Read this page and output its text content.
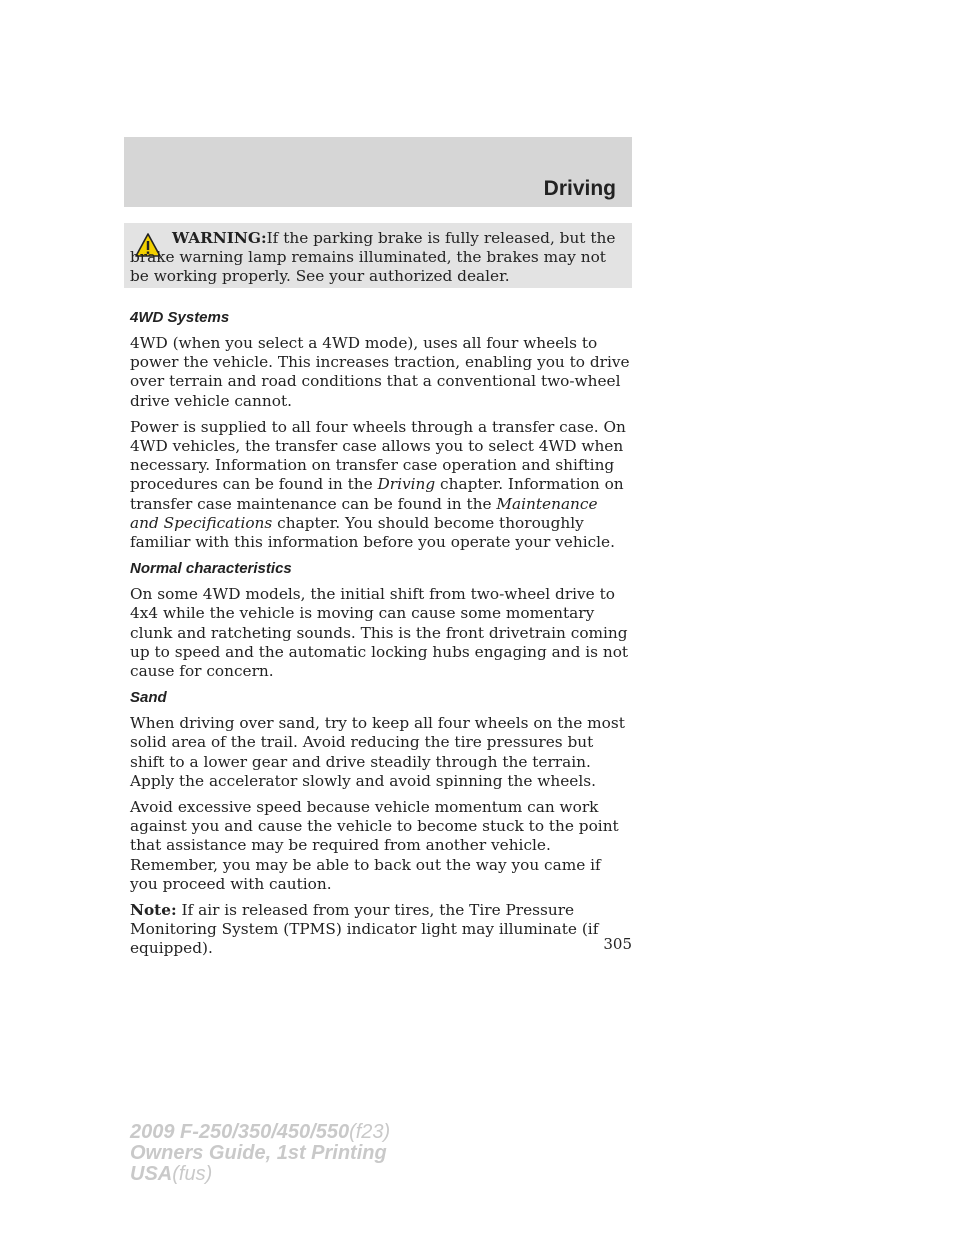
Driving

WARNING:If the parking brake is fully released, but the brake warning lamp remains illuminated, the brakes may not be working properly. See your authorized dealer.

4WD Systems

4WD (when you select a 4WD mode), uses all four wheels to power the vehicle. This increases traction, enabling you to drive over terrain and road conditions that a conventional two-wheel drive vehicle cannot.

Power is supplied to all four wheels through a transfer case. On 4WD vehicles, the transfer case allows you to select 4WD when necessary. Information on transfer case operation and shifting procedures can be found in the Driving chapter. Information on transfer case maintenance can be found in the Maintenance and Specifications chapter. You should become thoroughly familiar with this information before you operate your vehicle.

Normal characteristics

On some 4WD models, the initial shift from two-wheel drive to 4x4 while the vehicle is moving can cause some momentary clunk and ratcheting sounds. This is the front drivetrain coming up to speed and the automatic locking hubs engaging and is not cause for concern.

Sand

When driving over sand, try to keep all four wheels on the most solid area of the trail. Avoid reducing the tire pressures but shift to a lower gear and drive steadily through the terrain. Apply the accelerator slowly and avoid spinning the wheels.

Avoid excessive speed because vehicle momentum can work against you and cause the vehicle to become stuck to the point that assistance may be required from another vehicle. Remember, you may be able to back out the way you came if you proceed with caution.

Note: If air is released from your tires, the Tire Pressure Monitoring System (TPMS) indicator light may illuminate (if equipped).	305
2009 F-250/350/450/550(f23)
Owners Guide, 1st Printing
USA(fus)
